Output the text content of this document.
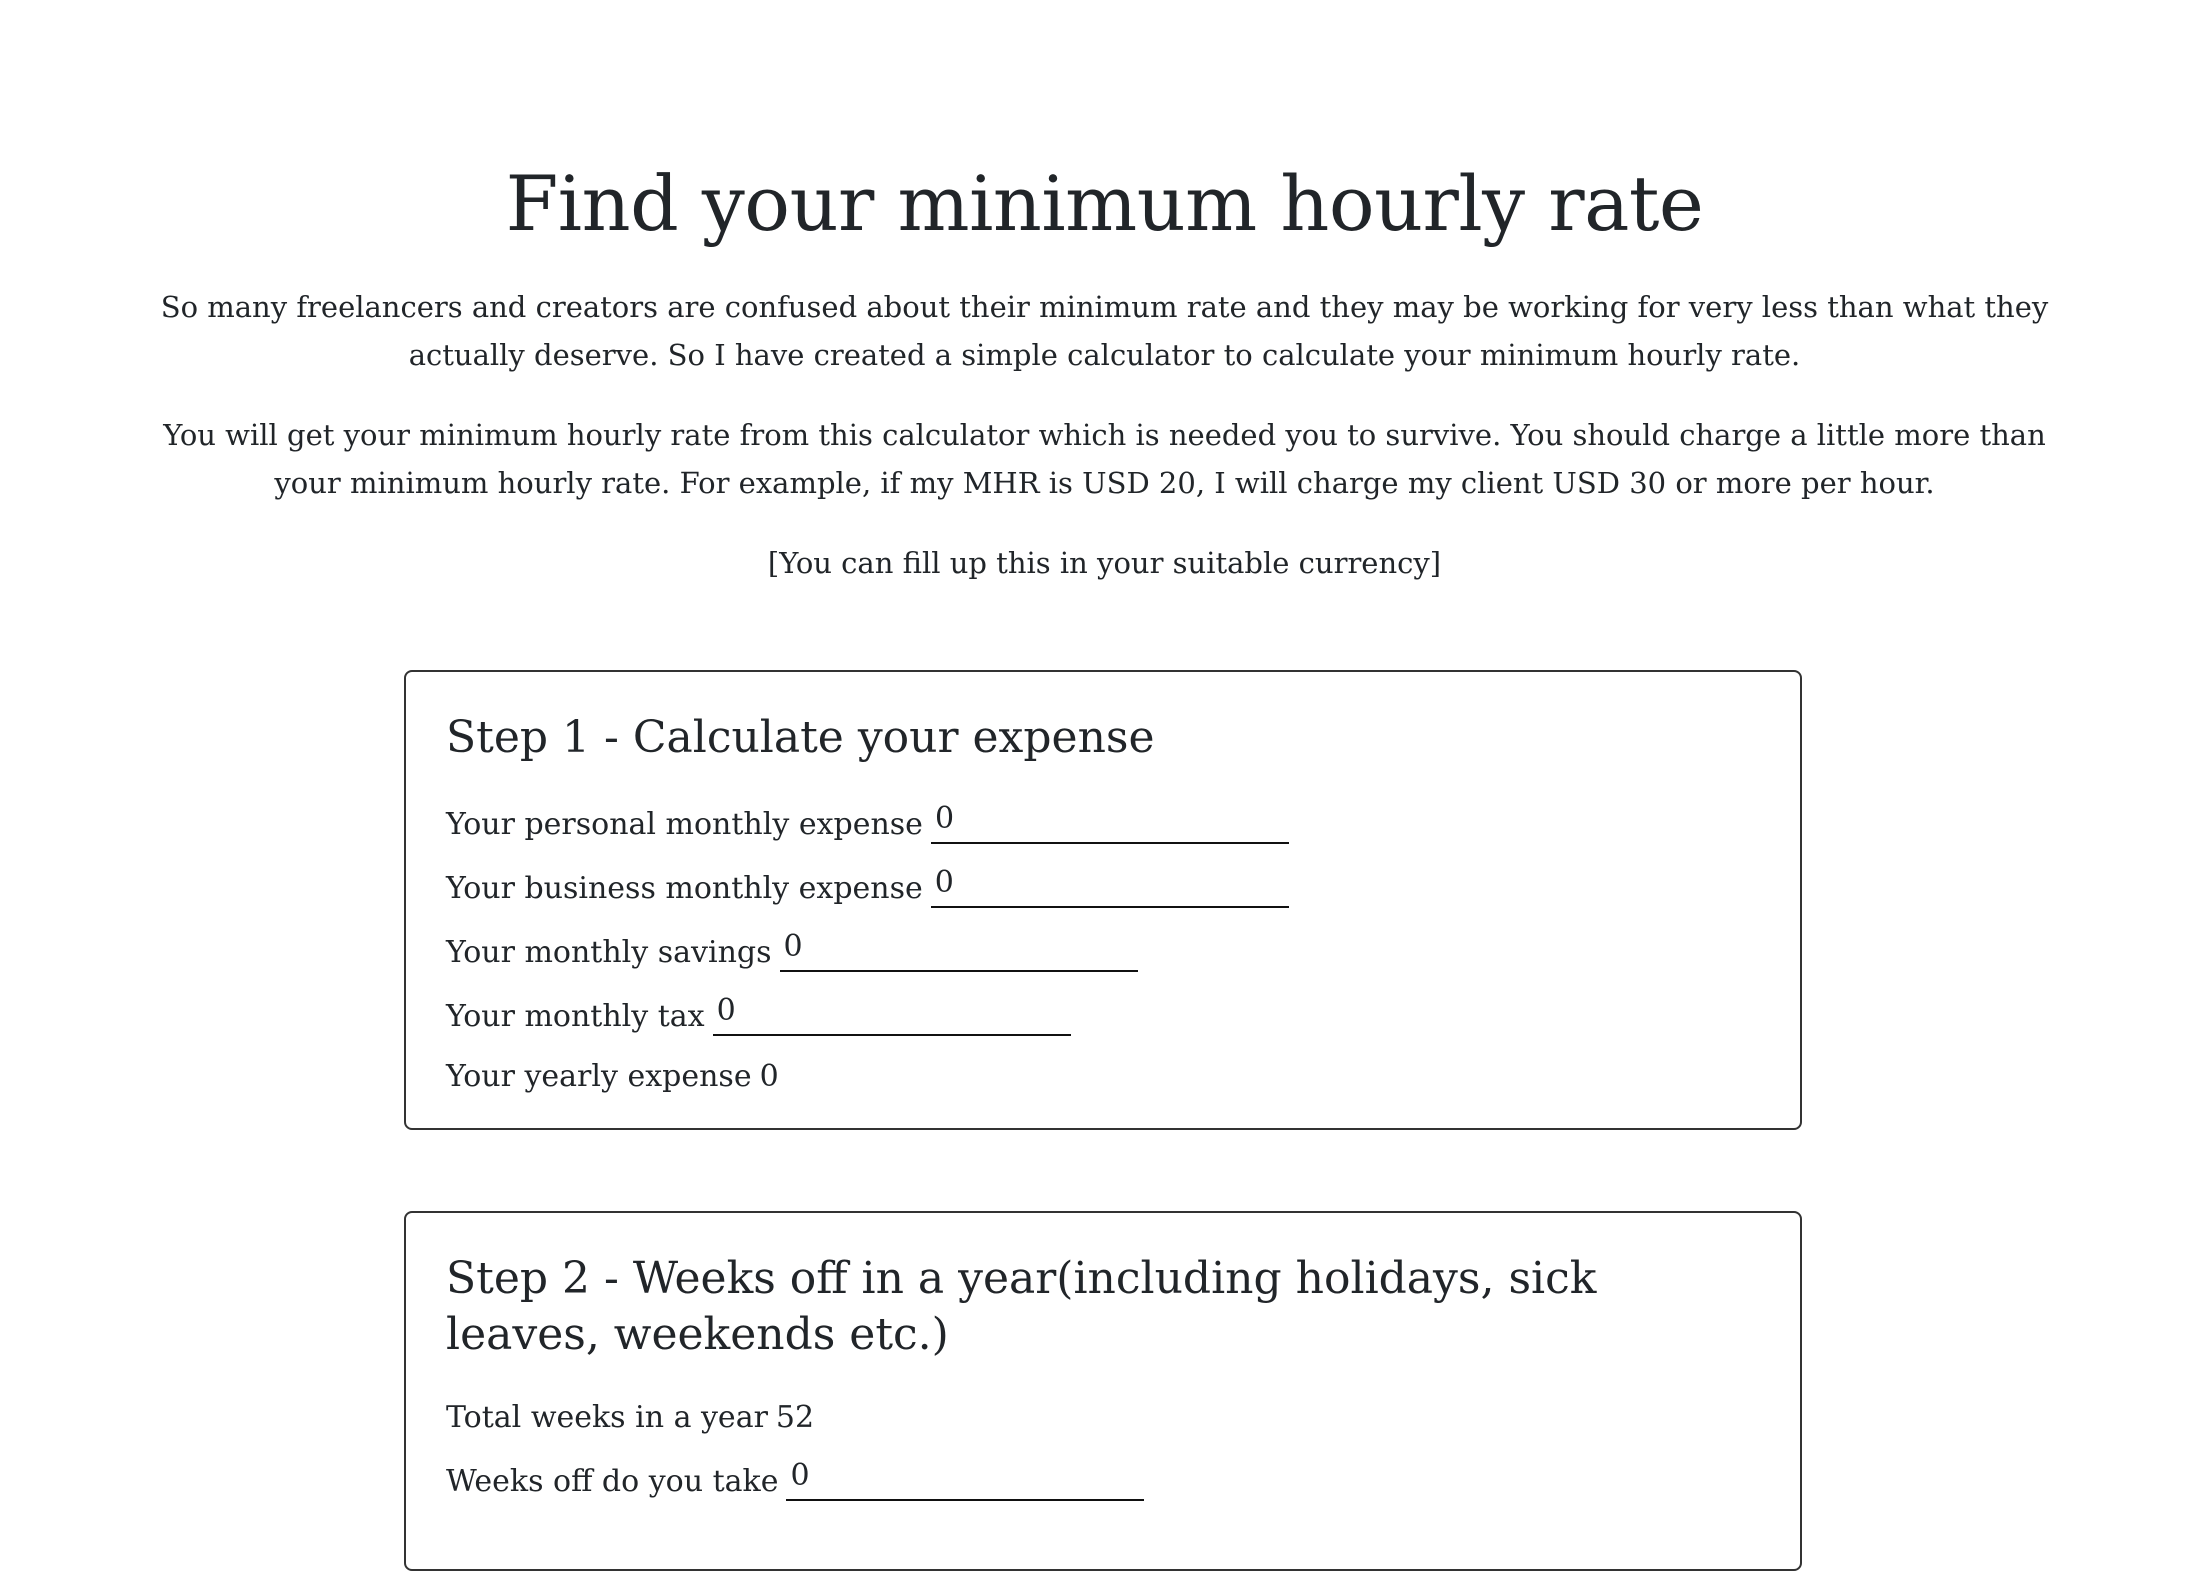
Find your minimum hourly rate

So many freelancers and creators are confused about their minimum rate and they may be working for very less than what they actually deserve. So I have created a simple calculator to calculate your minimum hourly rate.

You will get your minimum hourly rate from this calculator which is needed you to survive. You should charge a little more than your minimum hourly rate. For example, if my MHR is USD 20, I will charge my client USD 30 or more per hour.

[You can fill up this in your suitable currency]

Step 1 - Calculate your expense
Your personal monthly expense
0
Your business monthly expense
0
Your monthly savings
0
Your monthly tax
0
Your yearly expense 0
Step 2 - Weeks off in a year(including holidays, sick leaves, weekends etc.)
Total weeks in a year 52
Weeks off do you take
0
